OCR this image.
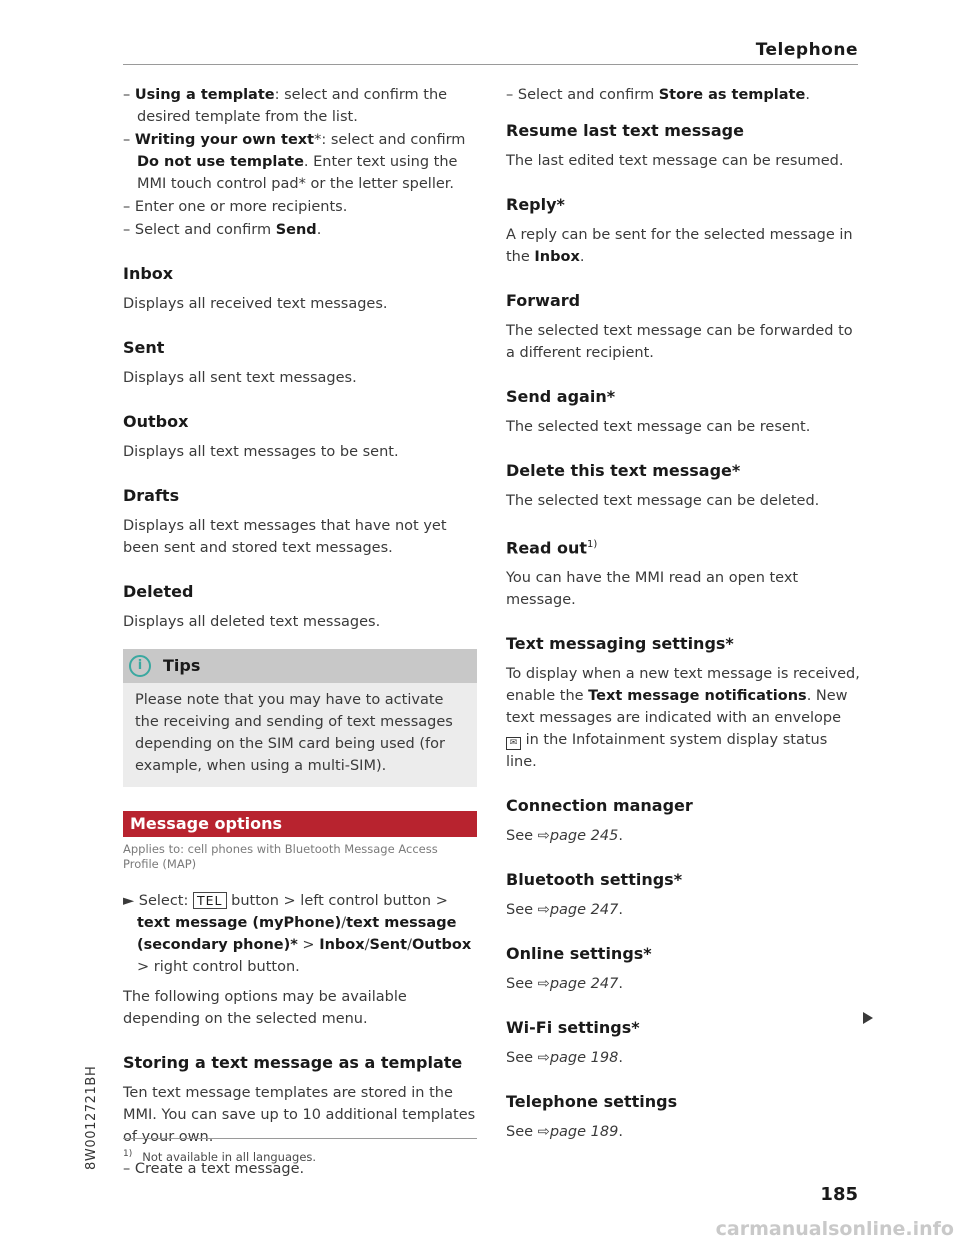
Telephone

– Using a template: select and confirm the desired template from the list.

– Writing your own text*: select and confirm Do not use template. Enter text using the MMI touch control pad* or the letter speller.

– Enter one or more recipients.

– Select and confirm Send.

Inbox

Displays all received text messages.

Sent

Displays all sent text messages.

Outbox

Displays all text messages to be sent.

Drafts

Displays all text messages that have not yet been sent and stored text messages.

Deleted

Displays all deleted text messages.

i	Tips
Please note that you may have to activate the receiving and sending of text messages depending on the SIM card being used (for example, when using a multi-SIM).
Message options
Applies to: cell phones with Bluetooth Message Access Profile (MAP)

► Select: TEL button > left control button > text message (myPhone)/text message (secondary phone)* > Inbox/Sent/Outbox > right control button.

The following options may be available depending on the selected menu.

Storing a text message as a template

Ten text message templates are stored in the MMI. You can save up to 10 additional templates of your own.

– Create a text message.

$^{1)}$ Not available in all languages.

– Select and confirm Store as template.

Resume last text message

The last edited text message can be resumed.

Reply*

A reply can be sent for the selected message in the Inbox.

Forward

The selected text message can be forwarded to a different recipient.

Send again*

The selected text message can be resent.

Delete this text message*

The selected text message can be deleted.

Read out$^{1)}$

You can have the MMI read an open text message.

Text messaging settings*

To display when a new text message is received, enable the Text message notifications. New text messages are indicated with an envelope ✉ in the Infotainment system display status line.

Connection manager

See ⇨page 245.

Bluetooth settings*

See ⇨page 247.

Online settings*

See ⇨page 247.

Wi-Fi settings*

See ⇨page 198.

Telephone settings

See ⇨page 189.

8W0012721BH
185
carmanualsonline.info
